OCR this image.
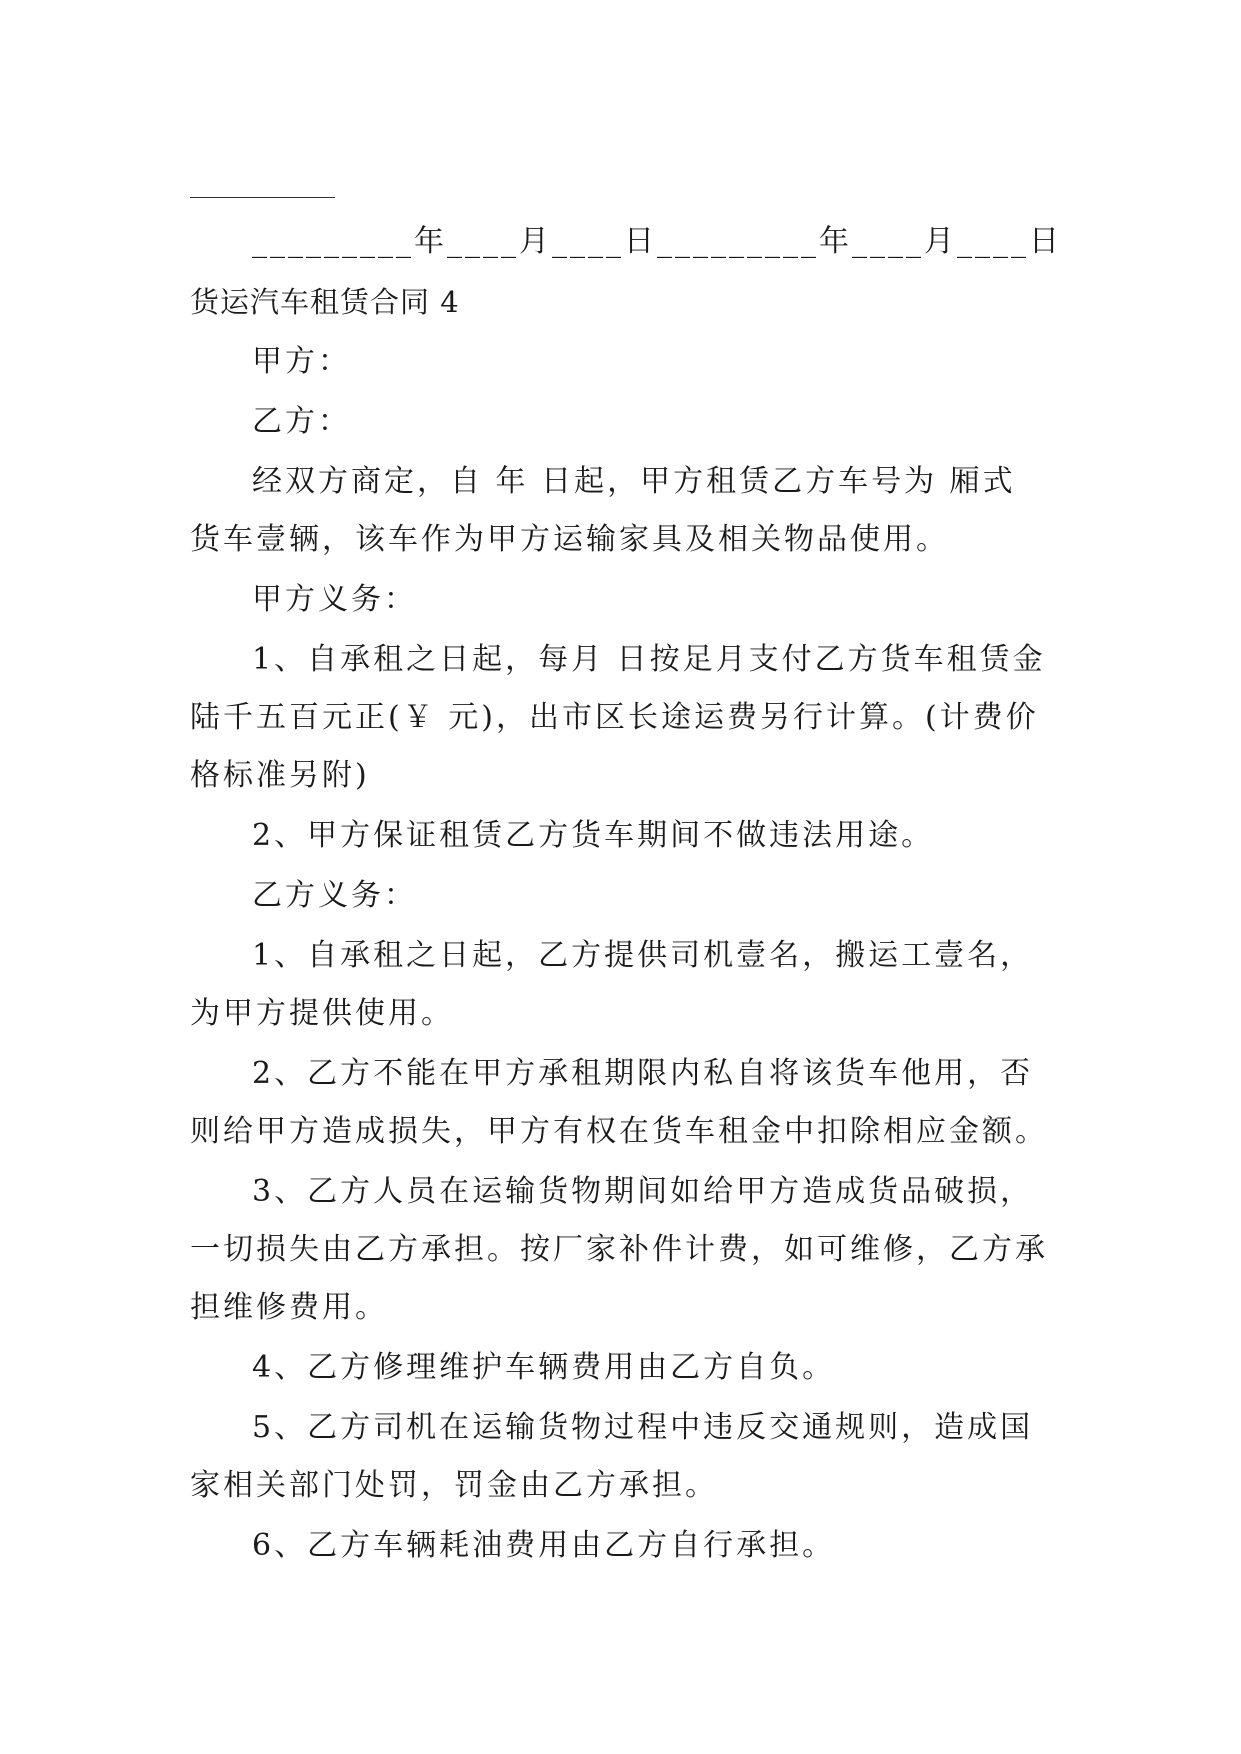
_________年____月____日_________年____月____日
货运汽车租赁合同 4
甲方：
乙方：
经双方商定，自 年 日起，甲方租赁乙方车号为 厢式
货车壹辆，该车作为甲方运输家具及相关物品使用。
甲方义务：
1、自承租之日起，每月 日按足月支付乙方货车租赁金
陆千五百元正(￥ 元)，出市区长途运费另行计算。(计费价
格标准另附)
2、甲方保证租赁乙方货车期间不做违法用途。
乙方义务：
1、自承租之日起，乙方提供司机壹名，搬运工壹名，
为甲方提供使用。
2、乙方不能在甲方承租期限内私自将该货车他用，否
则给甲方造成损失，甲方有权在货车租金中扣除相应金额。
3、乙方人员在运输货物期间如给甲方造成货品破损，
一切损失由乙方承担。按厂家补件计费，如可维修，乙方承
担维修费用。
4、乙方修理维护车辆费用由乙方自负。
5、乙方司机在运输货物过程中违反交通规则，造成国
家相关部门处罚，罚金由乙方承担。
6、乙方车辆耗油费用由乙方自行承担。
